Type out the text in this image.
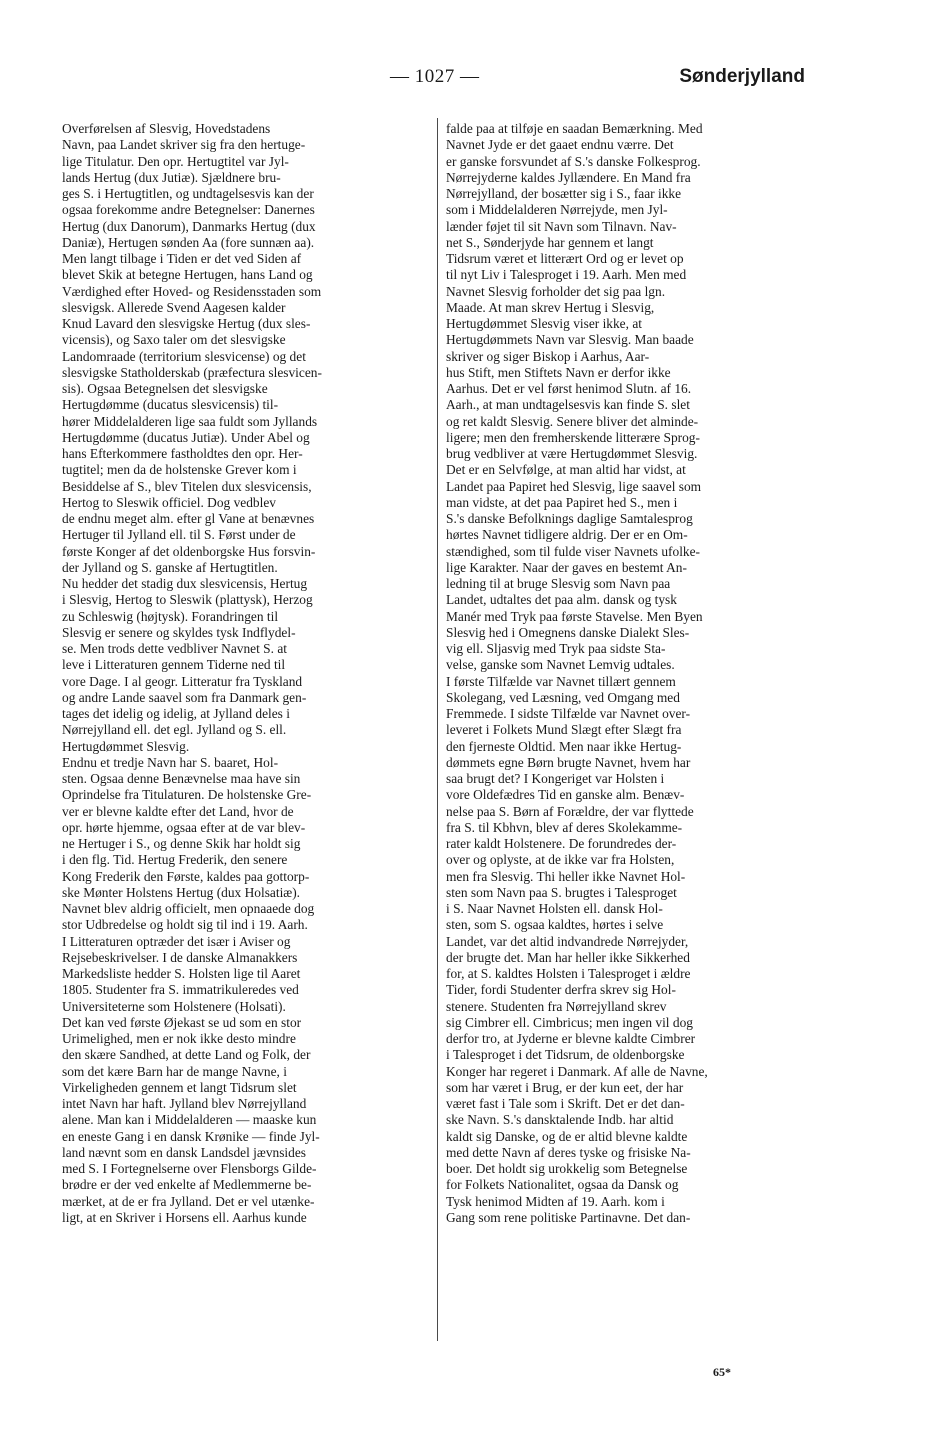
— 1027 —	Sønderjylland
Overførelsen af Slesvig, Hovedstadens
Navn, paa Landet skriver sig fra den hertuge-
lige Titulatur. Den opr. Hertugtitel var Jyl-
lands Hertug (dux Jutiæ). Sjældnere bru-
ges S. i Hertugtitlen, og undtagelsesvis kan der
ogsaa forekomme andre Betegnelser: Danernes
Hertug (dux Danorum), Danmarks Hertug (dux
Daniæ), Hertugen sønden Aa (fore sunnæn aa).
Men langt tilbage i Tiden er det ved Siden af
blevet Skik at betegne Hertugen, hans Land og
Værdighed efter Hoved- og Residensstaden som
slesvigsk. Allerede Svend Aagesen kalder
Knud Lavard den slesvigske Hertug (dux sles-
vicensis), og Saxo taler om det slesvigske
Landomraade (territorium slesvicense) og det
slesvigske Statholderskab (præfectura slesvicen-
sis). Ogsaa Betegnelsen det slesvigske
Hertugdømme (ducatus slesvicensis) til-
hører Middelalderen lige saa fuldt som Jyllands
Hertugdømme (ducatus Jutiæ). Under Abel og
hans Efterkommere fastholdtes den opr. Her-
tugtitel; men da de holstenske Grever kom i
Besiddelse af S., blev Titelen dux slesvicensis,
Hertog to Sleswik officiel. Dog vedblev
de endnu meget alm. efter gl Vane at benævnes
Hertuger til Jylland ell. til S. Først under de
første Konger af det oldenborgske Hus forsvin-
der Jylland og S. ganske af Hertugtitlen.
Nu hedder det stadig dux slesvicensis, Hertug
i Slesvig, Hertog to Sleswik (plattysk), Herzog
zu Schleswig (højtysk). Forandringen til
Slesvig er senere og skyldes tysk Indflydel-
se. Men trods dette vedbliver Navnet S. at
leve i Litteraturen gennem Tiderne ned til
vore Dage. I al geogr. Litteratur fra Tyskland
og andre Lande saavel som fra Danmark gen-
tages det idelig og idelig, at Jylland deles i
Nørrejylland ell. det egl. Jylland og S. ell.
Hertugdømmet Slesvig.
Endnu et tredje Navn har S. baaret, Hol-
sten. Ogsaa denne Benævnelse maa have sin
Oprindelse fra Titulaturen. De holstenske Gre-
ver er blevne kaldte efter det Land, hvor de
opr. hørte hjemme, ogsaa efter at de var blev-
ne Hertuger i S., og denne Skik har holdt sig
i den flg. Tid. Hertug Frederik, den senere
Kong Frederik den Første, kaldes paa gottorp-
ske Mønter Holstens Hertug (dux Holsatiæ).
Navnet blev aldrig officielt, men opnaaede dog
stor Udbredelse og holdt sig til ind i 19. Aarh.
I Litteraturen optræder det især i Aviser og
Rejsebeskrivelser. I de danske Almanakkers
Markedsliste hedder S. Holsten lige til Aaret
1805. Studenter fra S. immatrikuleredes ved
Universiteterne som Holstenere (Holsati).
Det kan ved første Øjekast se ud som en stor
Urimelighed, men er nok ikke desto mindre
den skære Sandhed, at dette Land og Folk, der
som det kære Barn har de mange Navne, i
Virkeligheden gennem et langt Tidsrum slet
intet Navn har haft. Jylland blev Nørrejylland
alene. Man kan i Middelalderen — maaske kun
en eneste Gang i en dansk Krønike — finde Jyl-
land nævnt som en dansk Landsdel jævnsides
med S. I Fortegnelserne over Flensborgs Gilde-
brødre er der ved enkelte af Medlemmerne be-
mærket, at de er fra Jylland. Det er vel utænke-
ligt, at en Skriver i Horsens ell. Aarhus kunde
falde paa at tilføje en saadan Bemærkning. Med
Navnet Jyde er det gaaet endnu værre. Det
er ganske forsvundet af S.'s danske Folkesprog.
Nørrejyderne kaldes Jyllændere. En Mand fra
Nørrejylland, der bosætter sig i S., faar ikke
som i Middelalderen Nørrejyde, men Jyl-
lænder føjet til sit Navn som Tilnavn. Nav-
net S., Sønderjyde har gennem et langt
Tidsrum været et litterært Ord og er levet op
til nyt Liv i Talesproget i 19. Aarh. Men med
Navnet Slesvig forholder det sig paa lgn.
Maade. At man skrev Hertug i Slesvig,
Hertugdømmet Slesvig viser ikke, at
Hertugdømmets Navn var Slesvig. Man baade
skriver og siger Biskop i Aarhus, Aar-
hus Stift, men Stiftets Navn er derfor ikke
Aarhus. Det er vel først henimod Slutn. af 16.
Aarh., at man undtagelsesvis kan finde S. slet
og ret kaldt Slesvig. Senere bliver det alminde-
ligere; men den fremherskende litterære Sprog-
brug vedbliver at være Hertugdømmet Slesvig.
Det er en Selvfølge, at man altid har vidst, at
Landet paa Papiret hed Slesvig, lige saavel som
man vidste, at det paa Papiret hed S., men i
S.'s danske Befolknings daglige Samtalesprog
hørtes Navnet tidligere aldrig. Der er en Om-
stændighed, som til fulde viser Navnets ufolke-
lige Karakter. Naar der gaves en bestemt An-
ledning til at bruge Slesvig som Navn paa
Landet, udtaltes det paa alm. dansk og tysk
Manér med Tryk paa første Stavelse. Men Byen
Slesvig hed i Omegnens danske Dialekt Sles-
vig ell. Sljasvig med Tryk paa sidste Sta-
velse, ganske som Navnet Lemvig udtales.
I første Tilfælde var Navnet tillært gennem
Skolegang, ved Læsning, ved Omgang med
Fremmede. I sidste Tilfælde var Navnet over-
leveret i Folkets Mund Slægt efter Slægt fra
den fjerneste Oldtid. Men naar ikke Hertug-
dømmets egne Børn brugte Navnet, hvem har
saa brugt det? I Kongeriget var Holsten i
vore Oldefædres Tid en ganske alm. Benæv-
nelse paa S. Børn af Forældre, der var flyttede
fra S. til Kbhvn, blev af deres Skolekamme-
rater kaldt Holstenere. De forundredes der-
over og oplyste, at de ikke var fra Holsten,
men fra Slesvig. Thi heller ikke Navnet Hol-
sten som Navn paa S. brugtes i Talesproget
i S. Naar Navnet Holsten ell. dansk Hol-
sten, som S. ogsaa kaldtes, hørtes i selve
Landet, var det altid indvandrede Nørrejyder,
der brugte det. Man har heller ikke Sikkerhed
for, at S. kaldtes Holsten i Talesproget i ældre
Tider, fordi Studenter derfra skrev sig Hol-
stenere. Studenten fra Nørrejylland skrev
sig Cimbrer ell. Cimbricus; men ingen vil dog
derfor tro, at Jyderne er blevne kaldte Cimbrer
i Talesproget i det Tidsrum, de oldenborgske
Konger har regeret i Danmark. Af alle de Navne,
som har været i Brug, er der kun eet, der har
været fast i Tale som i Skrift. Det er det dan-
ske Navn. S.'s dansktalende Indb. har altid
kaldt sig Danske, og de er altid blevne kaldte
med dette Navn af deres tyske og frisiske Na-
boer. Det holdt sig urokkelig som Betegnelse
for Folkets Nationalitet, ogsaa da Dansk og
Tysk henimod Midten af 19. Aarh. kom i
Gang som rene politiske Partinavne. Det dan-
65*
